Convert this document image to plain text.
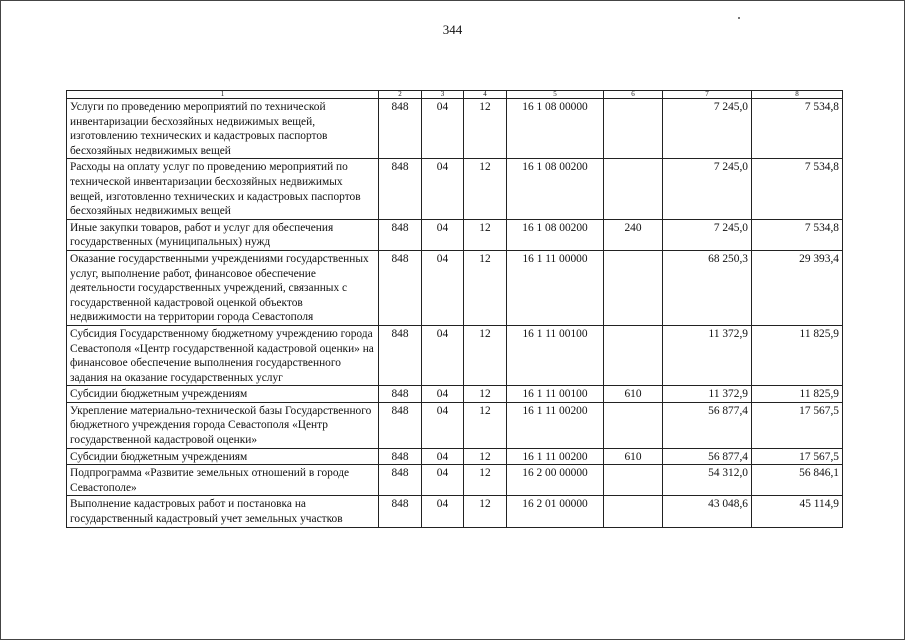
344
1	2	3	4	5	6	7	8
Услуги по проведению мероприятий по технической инвентаризации бесхозяйных недвижимых вещей, изготовлению технических и кадастровых паспортов бесхозяйных недвижимых вещей	848	04	12	16 1 08 00000		7 245,0	7 534,8
Расходы на оплату услуг по проведению мероприятий по технической инвентаризации бесхозяйных недвижимых вещей, изготовленно технических и кадастровых паспортов бесхозяйных недвижимых вещей	848	04	12	16 1 08 00200		7 245,0	7 534,8
Иные закупки товаров, работ и услуг для обеспечения государственных (муниципальных) нужд	848	04	12	16 1 08 00200	240	7 245,0	7 534,8
Оказание государственными учреждениями государственных услуг, выполнение работ, финансовое обеспечение деятельности государственных учреждений, связанных с государственной кадастровой оценкой объектов недвижимости на территории города Севастополя	848	04	12	16 1 11 00000		68 250,3	29 393,4
Субсидия Государственному бюджетному учреждению города Севастополя «Центр государственной кадастровой оценки» на финансовое обеспечение выполнения государственного задания на оказание государственных услуг	848	04	12	16 1 11 00100		11 372,9	11 825,9
Субсидии бюджетным учреждениям	848	04	12	16 1 11 00100	610	11 372,9	11 825,9
Укрепление материально-технической базы Государственного бюджетного учреждения города Севастополя «Центр государственной кадастровой оценки»	848	04	12	16 1 11 00200		56 877,4	17 567,5
Субсидии бюджетным учреждениям	848	04	12	16 1 11 00200	610	56 877,4	17 567,5
Подпрограмма «Развитие земельных отношений в городе Севастополе»	848	04	12	16 2 00 00000		54 312,0	56 846,1
Выполнение кадастровых работ и постановка на государственный кадастровый учет земельных участков	848	04	12	16 2 01 00000		43 048,6	45 114,9
